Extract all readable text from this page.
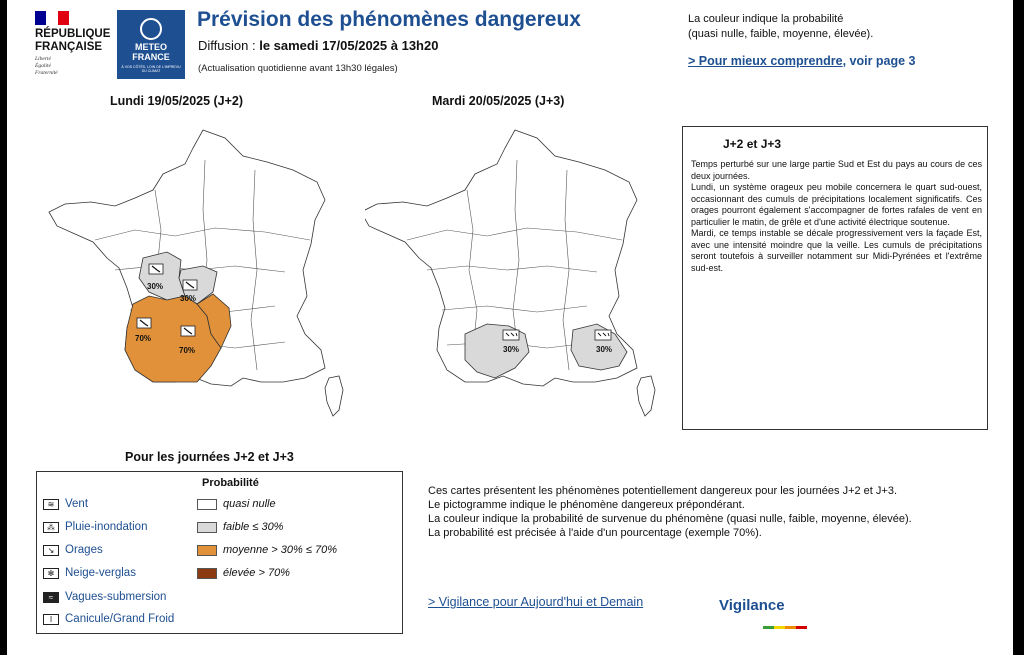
RÉPUBLIQUE
FRANÇAISE
Liberté
Égalité
Fraternité
METEO
FRANCE
À VOS CÔTÉS, LOIN DE L'IMPREVU DU CLIMAT
Prévision des phénomènes dangereux
Diffusion : le samedi 17/05/2025 à 13h20
(Actualisation quotidienne avant 13h30 légales)
La couleur indique la probabilité
(quasi nulle, faible, moyenne, élevée).
> Pour mieux comprendre, voir page 3
Lundi 19/05/2025 (J+2)
30%
30%
70%
70%
Mardi 20/05/2025 (J+3)
30%	30%
J+2 et J+3

Temps perturbé sur une large partie Sud et Est du pays au cours de ces deux journées.
Lundi, un système orageux peu mobile concernera le quart sud-ouest, occasionnant des cumuls de précipitations localement significatifs. Ces orages pourront également s'accompagner de fortes rafales de vent en particulier le matin, de grêle et d'une activité électrique soutenue.
Mardi, ce temps instable se décale progressivement vers la façade Est, avec une intensité moindre que la veille. Les cumuls de précipitations seront toutefois à surveiller notamment sur Midi-Pyrénées et l'extrême sud-est.

Pour les journées J+2 et J+3
≋ Vent
⁂ Pluie-inondation
↘ Orages
✻ Neige-verglas
≈ Vagues-submersion
ǀ Canicule/Grand Froid
Probabilité
quasi nulle
faible ≤ 30%
moyenne > 30% ≤ 70%
élevée > 70%
Ces cartes présentent les phénomènes potentiellement dangereux pour les journées J+2 et J+3.
Le pictogramme indique le phénomène dangereux prépondérant.
La couleur indique la probabilité de survenue du phénomène (quasi nulle, faible, moyenne, élevée).
La probabilité est précisée à l'aide d'un pourcentage (exemple 70%).
> Vigilance pour Aujourd'hui et Demain	Vigilance
